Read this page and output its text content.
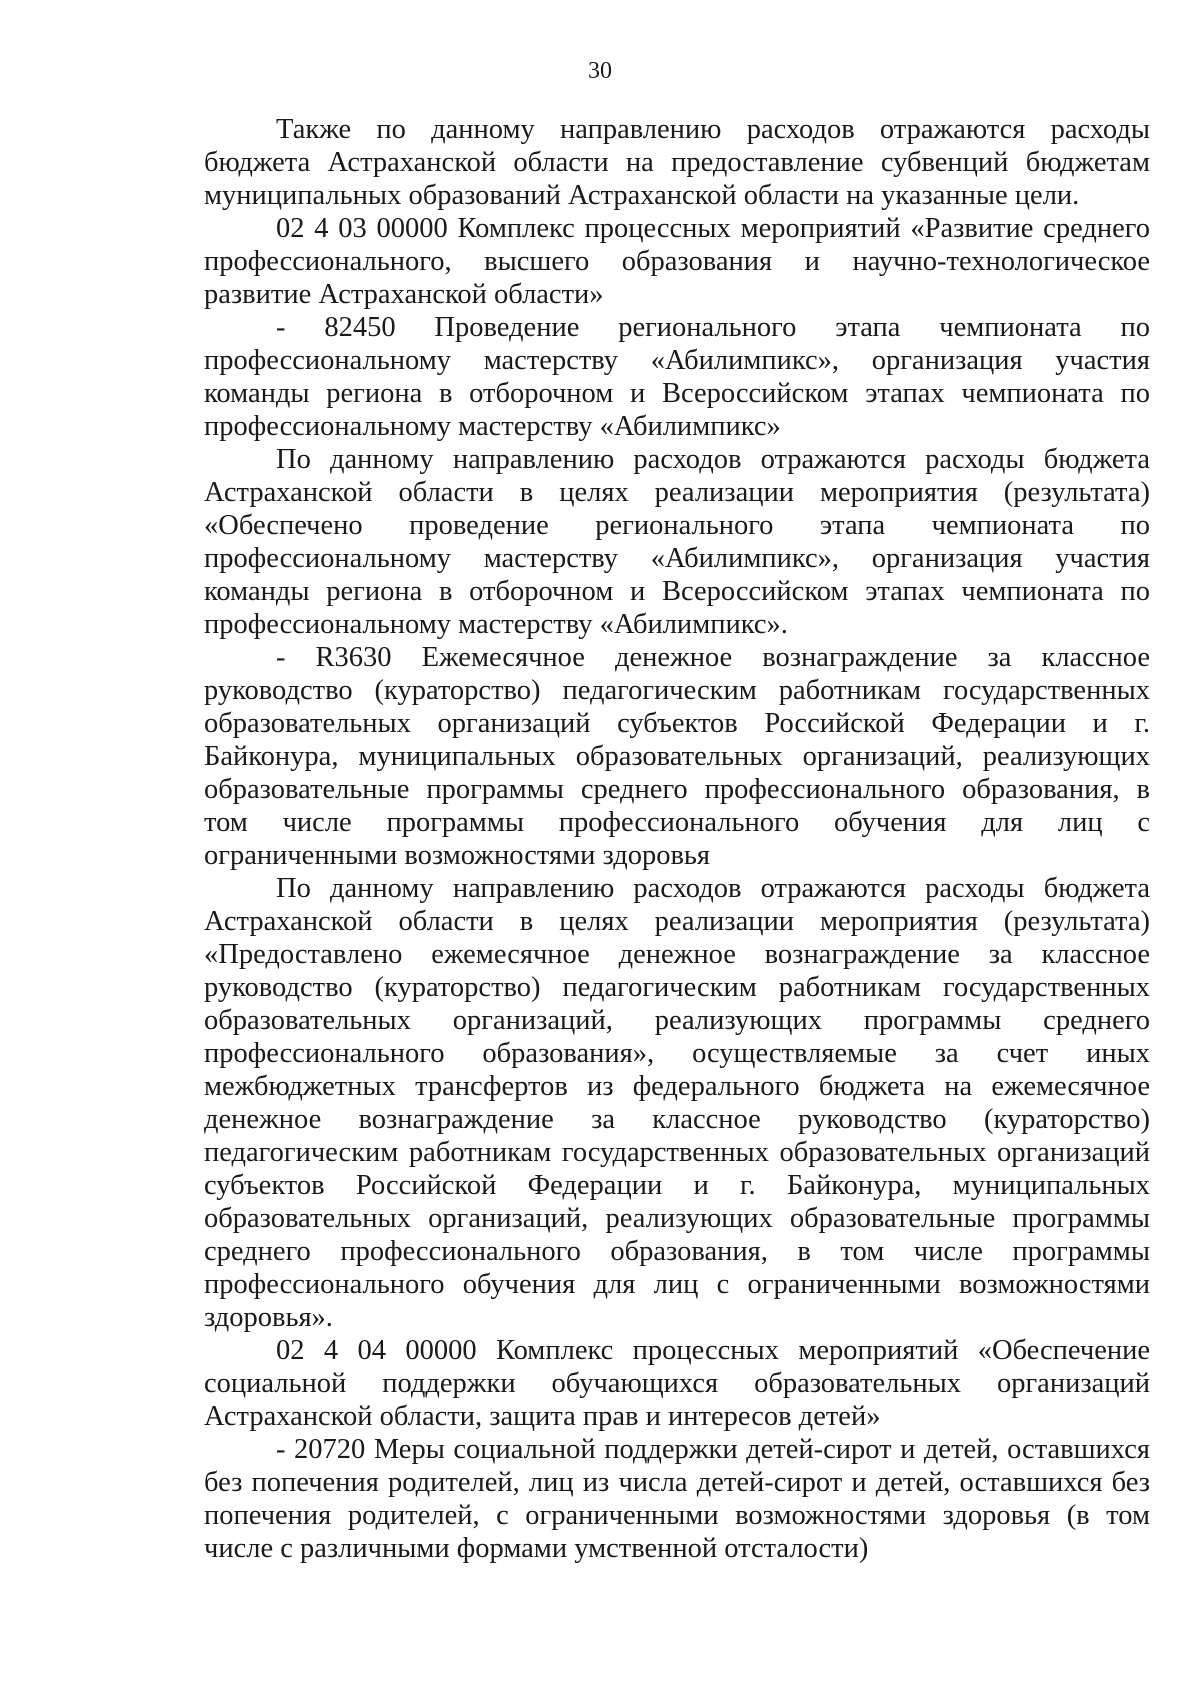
30

Также по данному направлению расходов отражаются расходы бюджета Астраханской области на предоставление субвенций бюджетам муниципальных образований Астраханской области на указанные цели.

02 4 03 00000 Комплекс процессных мероприятий «Развитие среднего профессионального, высшего образования и научно-технологическое развитие Астраханской области»

- 82450 Проведение регионального этапа чемпионата по профессиональному мастерству «Абилимпикс», организация участия команды региона в отборочном и Всероссийском этапах чемпионата по профессиональному мастерству «Абилимпикс»

По данному направлению расходов отражаются расходы бюджета Астраханской области в целях реализации мероприятия (результата) «Обеспечено проведение регионального этапа чемпионата по профессиональному мастерству «Абилимпикс», организация участия команды региона в отборочном и Всероссийском этапах чемпионата по профессиональному мастерству «Абилимпикс».

- R3630 Ежемесячное денежное вознаграждение за классное руководство (кураторство) педагогическим работникам государственных образовательных организаций субъектов Российской Федерации и г. Байконура, муниципальных образовательных организаций, реализующих образовательные программы среднего профессионального образования, в том числе программы профессионального обучения для лиц с ограниченными возможностями здоровья

По данному направлению расходов отражаются расходы бюджета Астраханской области в целях реализации мероприятия (результата) «Предоставлено ежемесячное денежное вознаграждение за классное руководство (кураторство) педагогическим работникам государственных образовательных организаций, реализующих программы среднего профессионального образования», осуществляемые за счет иных межбюджетных трансфертов из федерального бюджета на ежемесячное денежное вознаграждение за классное руководство (кураторство) педагогическим работникам государственных образовательных организаций субъектов Российской Федерации и г. Байконура, муниципальных образовательных организаций, реализующих образовательные программы среднего профессионального образования, в том числе программы профессионального обучения для лиц с ограниченными возможностями здоровья».

02 4 04 00000 Комплекс процессных мероприятий «Обеспечение социальной поддержки обучающихся образовательных организаций Астраханской области, защита прав и интересов детей»

- 20720 Меры социальной поддержки детей-сирот и детей, оставшихся без попечения родителей, лиц из числа детей-сирот и детей, оставшихся без попечения родителей, с ограниченными возможностями здоровья (в том числе с различными формами умственной отсталости)
